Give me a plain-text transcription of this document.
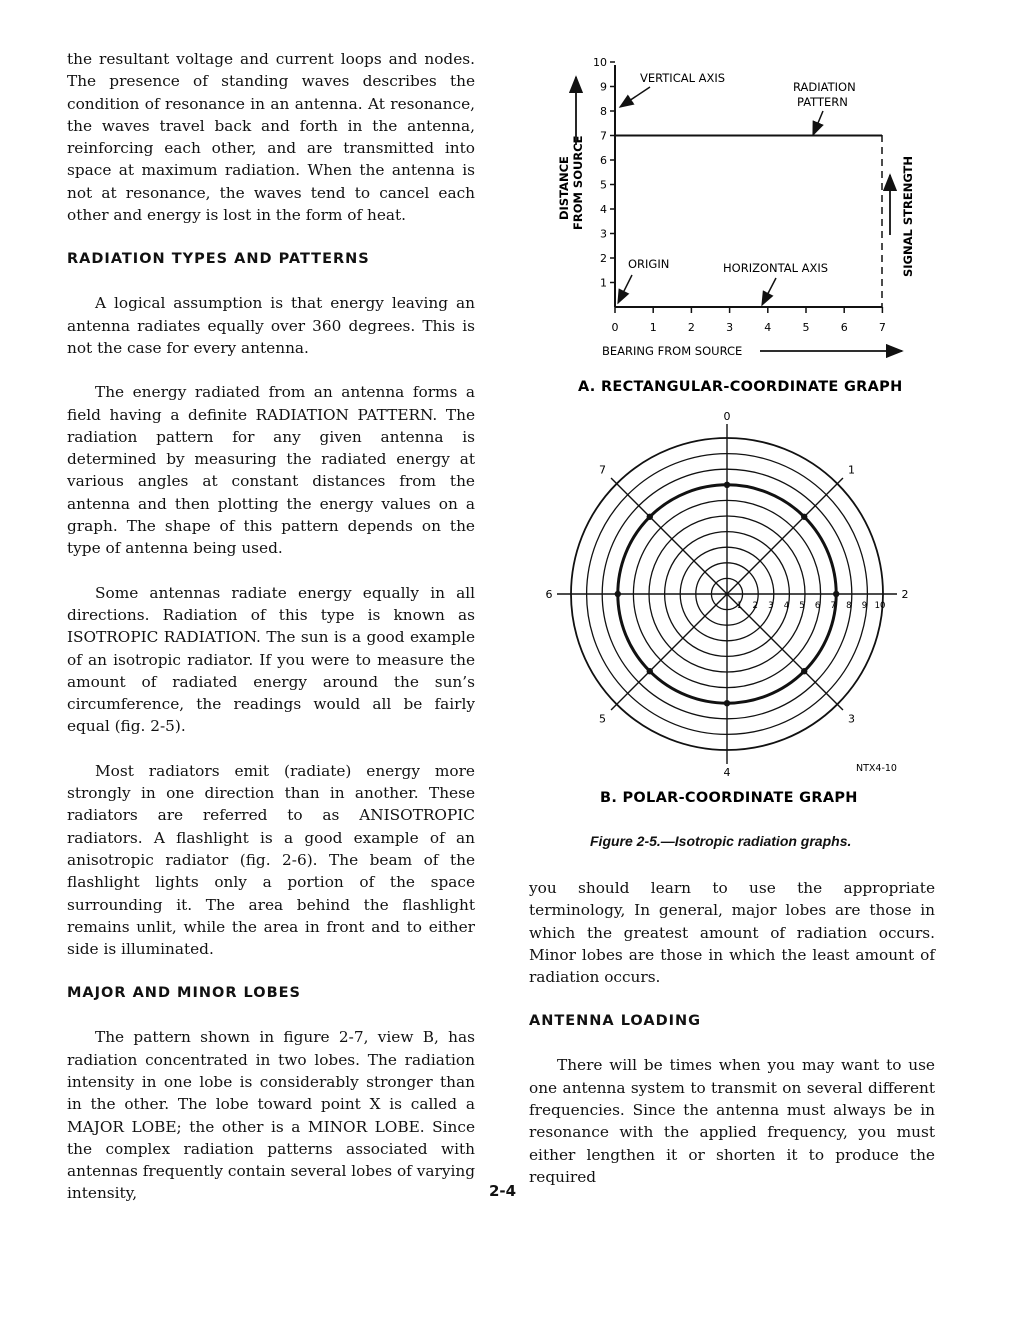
the resultant voltage and current loops and nodes. The presence of standing waves describes the condition of resonance in an antenna. At resonance, the waves travel back and forth in the antenna, reinforcing each other, and are transmitted into space at maximum radiation. When the antenna is not at resonance, the waves tend to cancel each other and energy is lost in the form of heat.

RADIATION TYPES AND PATTERNS

A logical assumption is that energy leaving an antenna radiates equally over 360 degrees. This is not the case for every antenna.

The energy radiated from an antenna forms a field having a definite RADIATION PATTERN. The radiation pattern for any given antenna is determined by measuring the radiated energy at various angles at constant distances from the antenna and then plotting the energy values on a graph. The shape of this pattern depends on the type of antenna being used.

Some antennas radiate energy equally in all directions. Radiation of this type is known as ISOTROPIC RADIATION. The sun is a good example of an isotropic radiator. If you were to measure the amount of radiated energy around the sun’s circumference, the readings would all be fairly equal (fig. 2-5).

Most radiators emit (radiate) energy more strongly in one direction than in another. These radiators are referred to as ANISOTROPIC radiators. A flashlight is a good example of an anisotropic radiator (fig. 2-6). The beam of the flashlight lights only a portion of the space surrounding it. The area behind the flashlight remains unlit, while the area in front and to either side is illuminated.

MAJOR AND MINOR LOBES

The pattern shown in figure 2-7, view B, has radiation concentrated in two lobes. The radiation intensity in one lobe is considerably stronger than in the other. The lobe toward point X is called a MAJOR LOBE; the other is a MINOR LOBE. Since the complex radiation patterns associated with antennas frequently contain several lobes of varying intensity,

you should learn to use the appropriate terminology, In general, major lobes are those in which the greatest amount of radiation occurs. Minor lobes are those in which the least amount of radiation occurs.

ANTENNA LOADING

There will be times when you may want to use one antenna system to transmit on several different frequencies. Since the antenna must always be in resonance with the applied frequency, you must either lengthen it or shorten it to produce the required

1
2
3
4
5
6
7
8
9
10
0	1	2	3	4	5	6	7
VERTICAL AXIS
RADIATION
PATTERN
DISTANCE FROM SOURCE	SIGNAL STRENGTH
ORIGIN	HORIZONTAL AXIS
BEARING FROM SOURCE
A. RECTANGULAR-COORDINATE GRAPH
0
1
2
3
4
5
6
7
1 2 3 4 5 6 7 8 9 10
NTX4-10
B. POLAR-COORDINATE GRAPH
Figure 2-5.—Isotropic radiation graphs.
2-4
